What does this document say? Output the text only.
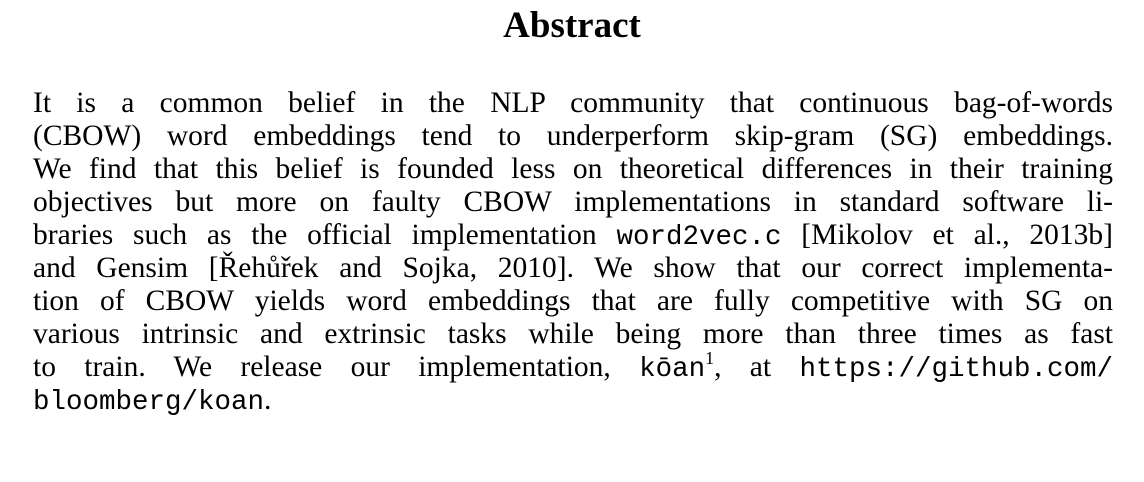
Abstract
It is a common belief in the NLP community that continuous bag-of-words
(CBOW) word embeddings tend to underperform skip-gram (SG) embeddings.
We find that this belief is founded less on theoretical differences in their training
objectives but more on faulty CBOW implementations in standard software li-
braries such as the official implementation word2vec.c [Mikolov et al., 2013b]
and Gensim [Řehůřek and Sojka, 2010]. We show that our correct implementa-
tion of CBOW yields word embeddings that are fully competitive with SG on
various intrinsic and extrinsic tasks while being more than three times as fast
to train. We release our implementation, kōan$^1$, at https://github.com/
bloomberg/koan.
